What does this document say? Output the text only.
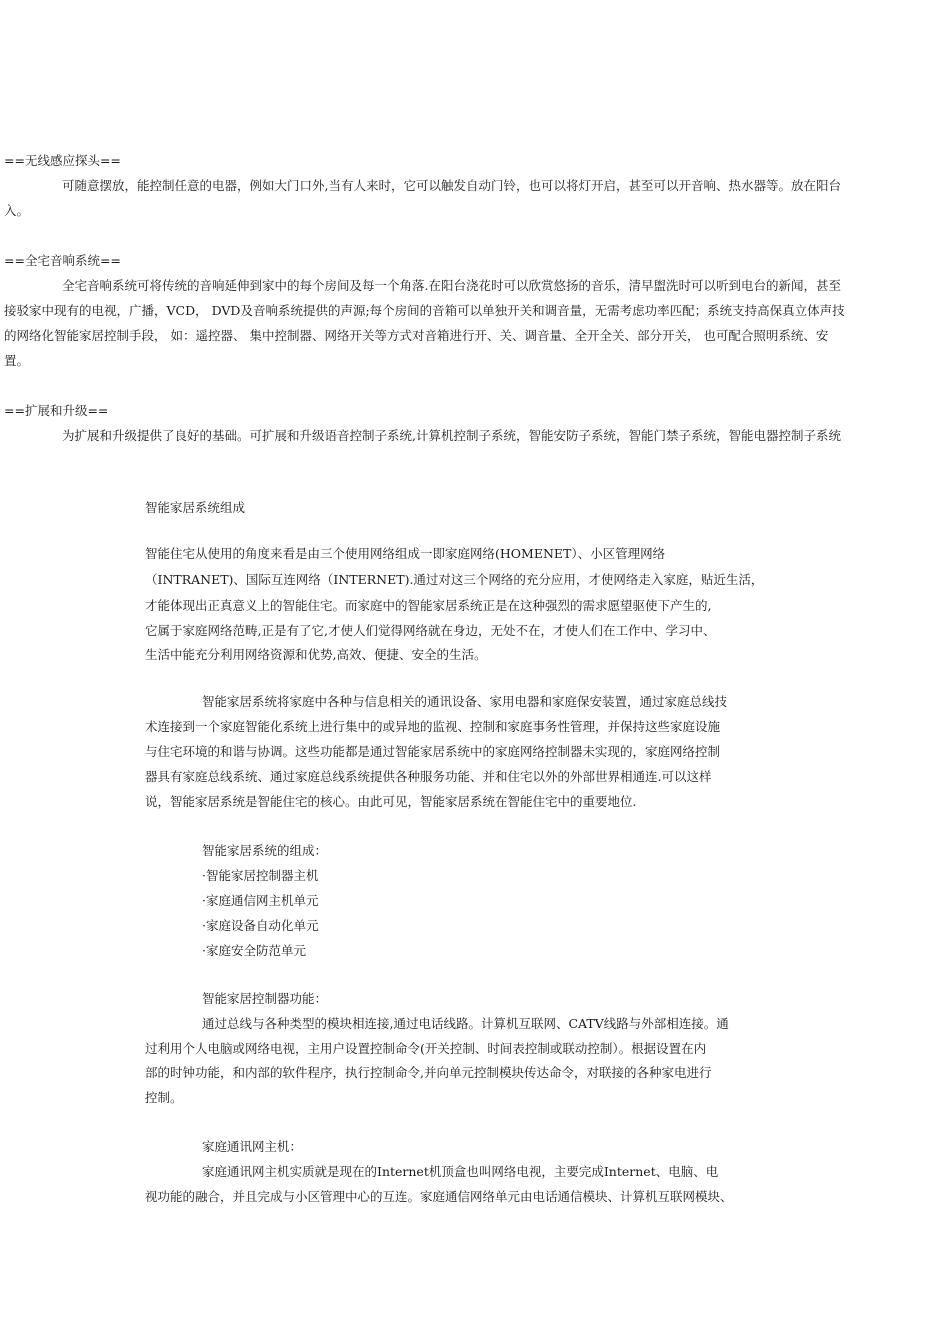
==无线感应探头==
可随意摆放，能控制任意的电器，例如大门口外,当有人来时，它可以触发自动门铃，也可以将灯开启，甚至可以开音响、热水器等。放在阳台
入。
==全宅音响系统==
全宅音响系统可将传统的音响延伸到家中的每个房间及每一个角落.在阳台浇花时可以欣赏悠扬的音乐，清早盥洗时可以听到电台的新闻，甚至
接驳家中现有的电视，广播，VCD， DVD及音响系统提供的声源;每个房间的音箱可以单独开关和调音量，无需考虑功率匹配；系统支持高保真立体声技
的网络化智能家居控制手段， 如：遥控器、 集中控制器、网络开关等方式对音箱进行开、关、调音量、全开全关、部分开关， 也可配合照明系统、安
置。
==扩展和升级==
为扩展和升级提供了良好的基础。可扩展和升级语音控制子系统,计算机控制子系统，智能安防子系统，智能门禁子系统，智能电器控制子系统
智能家居系统组成
智能住宅从使用的角度来看是由三个使用网络组成一即家庭网络(HOMENET）、小区管理网络
（INTRANET)、国际互连网络（INTERNET).通过对这三个网络的充分应用，才使网络走入家庭，贴近生活，
才能体现出正真意义上的智能住宅。而家庭中的智能家居系统正是在这种强烈的需求愿望驱使下产生的,
它属于家庭网络范畴,正是有了它,才使人们觉得网络就在身边，无处不在，才使人们在工作中、学习中、
生活中能充分利用网络资源和优势,高效、便捷、安全的生活。
智能家居系统将家庭中各种与信息相关的通讯设备、家用电器和家庭保安装置，通过家庭总线技
术连接到一个家庭智能化系统上进行集中的或异地的监视、控制和家庭事务性管理，并保持这些家庭设施
与住宅环境的和谐与协调。这些功能都是通过智能家居系统中的家庭网络控制器未实现的，家庭网络控制
器具有家庭总线系统、通过家庭总线系统提供各种服务功能、并和住宅以外的外部世界相通连.可以这样
说，智能家居系统是智能住宅的核心。由此可见，智能家居系统在智能住宅中的重要地位.
智能家居系统的组成：
·智能家居控制器主机
·家庭通信网主机单元
·家庭设备自动化单元
·家庭安全防范单元
智能家居控制器功能：
通过总线与各种类型的模块相连接,通过电话线路。计算机互联网、CATV线路与外部相连接。通
过利用个人电脑或网络电视，主用户设置控制命令(开关控制、时间表控制或联动控制）。根据设置在内
部的时钟功能，和内部的软件程序，执行控制命令,并向单元控制模块传达命令，对联接的各种家电进行
控制。
家庭通讯网主机：
家庭通讯网主机实质就是现在的Internet机顶盒也叫网络电视，主要完成Internet、电脑、电
视功能的融合，并且完成与小区管理中心的互连。家庭通信网络单元由电话通信模块、计算机互联网模块、
